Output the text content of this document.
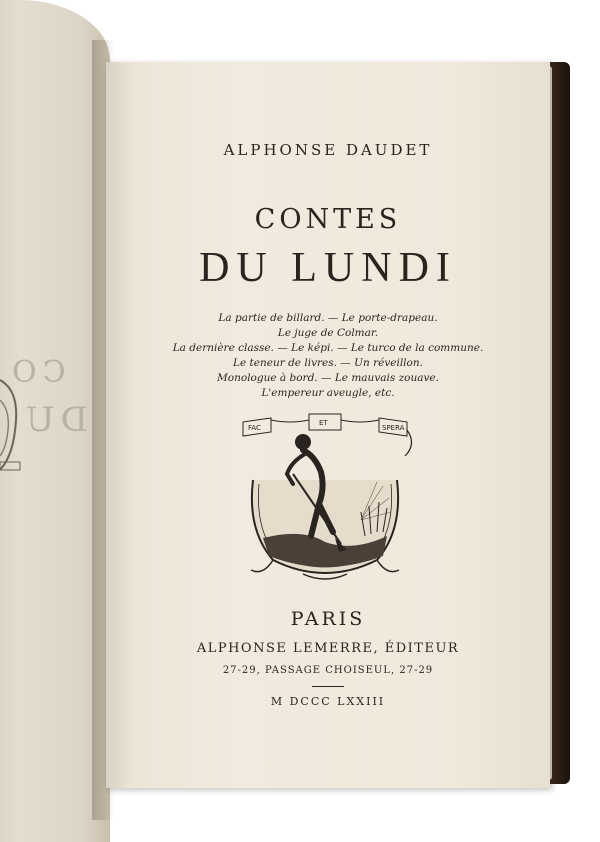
CO
DU
ALPHONSE DAUDET
CONTES
DU LUNDI
La partie de billard. — Le porte-drapeau.
Le juge de Colmar.
La dernière classe. — Le képi. — Le turco de la commune.
Le teneur de livres. — Un réveillon.
Monologue à bord. — Le mauvais zouave.
L'empereur aveugle, etc.
FAC
ET
SPERA
PARIS
ALPHONSE LEMERRE, ÉDITEUR
27-29, PASSAGE CHOISEUL, 27-29
M DCCC LXXIII
